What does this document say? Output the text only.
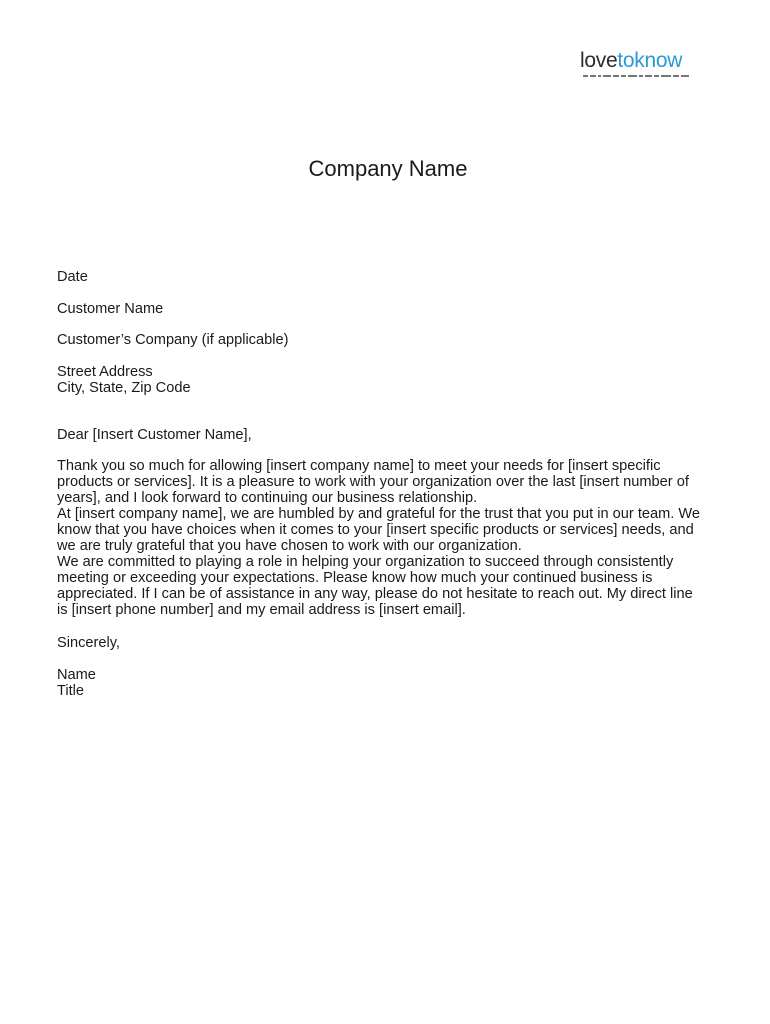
lovetoknow
Company Name
Date
Customer Name
Customer’s Company (if applicable)
Street Address
City, State, Zip Code
Dear [Insert Customer Name],
Thank you so much for allowing [insert company name] to meet your needs for [insert specific
products or services]. It is a pleasure to work with your organization over the last [insert number of
years], and I look forward to continuing our business relationship.
At [insert company name], we are humbled by and grateful for the trust that you put in our team. We
know that you have choices when it comes to your [insert specific products or services] needs, and
we are truly grateful that you have chosen to work with our organization.
We are committed to playing a role in helping your organization to succeed through consistently
meeting or exceeding your expectations. Please know how much your continued business is
appreciated. If I can be of assistance in any way, please do not hesitate to reach out. My direct line
is [insert phone number] and my email address is [insert email].
Sincerely,
Name
Title
